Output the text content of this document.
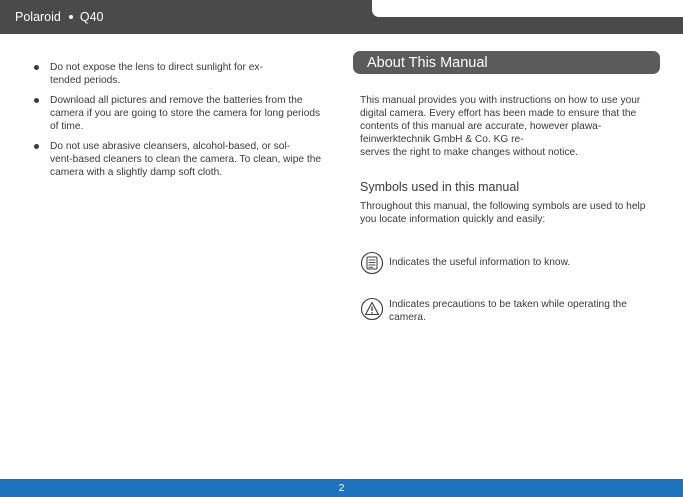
Polaroid Q40
Do not expose the lens to direct sunlight for ex-
tended periods.
Download all pictures and remove the batteries from the camera if you are going to store the camera for long periods of time.
Do not use abrasive cleansers, alcohol-based, or sol-
vent-based cleaners to clean the camera. To clean, wipe the camera with a slightly damp soft cloth.
About This Manual
This manual provides you with instructions on how to use your digital camera. Every effort has been made to ensure that the contents of this manual are accurate, however plawa-feinwerktechnik GmbH & Co. KG re-
serves the right to make changes without notice.
Symbols used in this manual
Throughout this manual, the following symbols are used to help you locate information quickly and easily:
Indicates the useful information to know.
Indicates precautions to be taken while operating the camera.
2
